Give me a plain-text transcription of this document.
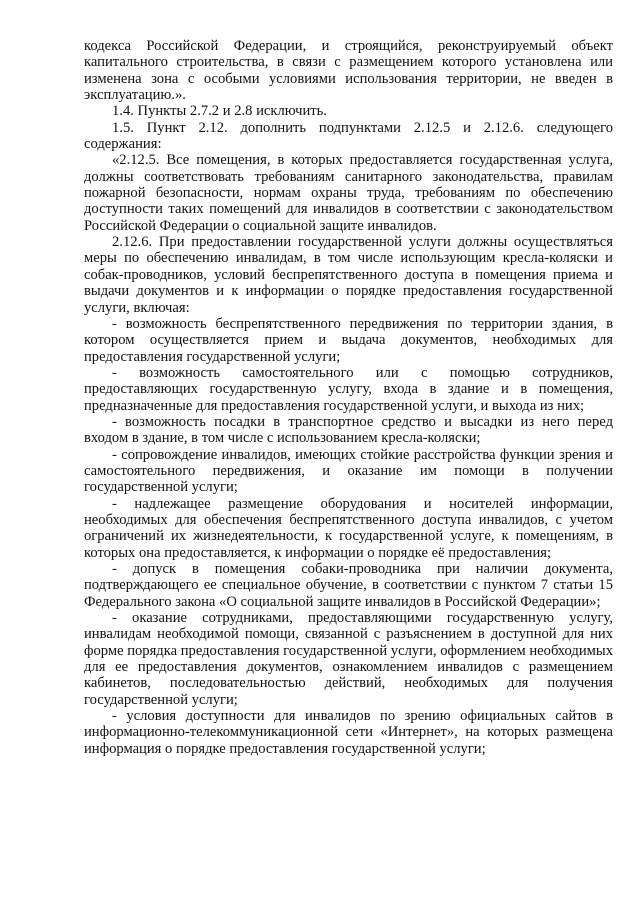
кодекса Российской Федерации, и строящийся, реконструируемый объект капитального строительства, в связи с размещением которого установлена или изменена зона с особыми условиями использования территории, не введен в эксплуатацию.».

1.4. Пункты 2.7.2 и 2.8 исключить.

1.5. Пункт 2.12. дополнить подпунктами 2.12.5 и 2.12.6. следующего содержания:

«2.12.5. Все помещения, в которых предоставляется государственная услуга, должны соответствовать требованиям санитарного законодательства, правилам пожарной безопасности, нормам охраны труда, требованиям по обеспечению доступности таких помещений для инвалидов в соответствии с законодательством Российской Федерации о социальной защите инвалидов.

2.12.6. При предоставлении государственной услуги должны осуществляться меры по обеспечению инвалидам, в том числе использующим кресла-коляски и собак-проводников, условий беспрепятственного доступа в помещения приема и выдачи документов и к информации о порядке предоставления государственной услуги, включая:

- возможность беспрепятственного передвижения по территории здания, в котором осуществляется прием и выдача документов, необходимых для предоставления государственной услуги;

- возможность самостоятельного или с помощью сотрудников, предоставляющих государственную услугу, входа в здание и в помещения, предназначенные для предоставления государственной услуги, и выхода из них;

- возможность посадки в транспортное средство и высадки из него перед входом в здание, в том числе с использованием кресла-коляски;

- сопровождение инвалидов, имеющих стойкие расстройства функции зрения и самостоятельного передвижения, и оказание им помощи в получении государственной услуги;

- надлежащее размещение оборудования и носителей информации, необходимых для обеспечения беспрепятственного доступа инвалидов, с учетом ограничений их жизнедеятельности, к государственной услуге, к помещениям, в которых она предоставляется, к информации о порядке её предоставления;

- допуск в помещения собаки-проводника при наличии документа, подтверждающего ее специальное обучение, в соответствии с пунктом 7 статьи 15 Федерального закона «О социальной защите инвалидов в Российской Федерации»;

- оказание сотрудниками, предоставляющими государственную услугу, инвалидам необходимой помощи, связанной с разъяснением в доступной для них форме порядка предоставления государственной услуги, оформлением необходимых для ее предоставления документов, ознакомлением инвалидов с размещением кабинетов, последовательностью действий, необходимых для получения государственной услуги;

- условия доступности для инвалидов по зрению официальных сайтов в информационно-телекоммуникационной сети «Интернет», на которых размещена информация о порядке предоставления государственной услуги;
